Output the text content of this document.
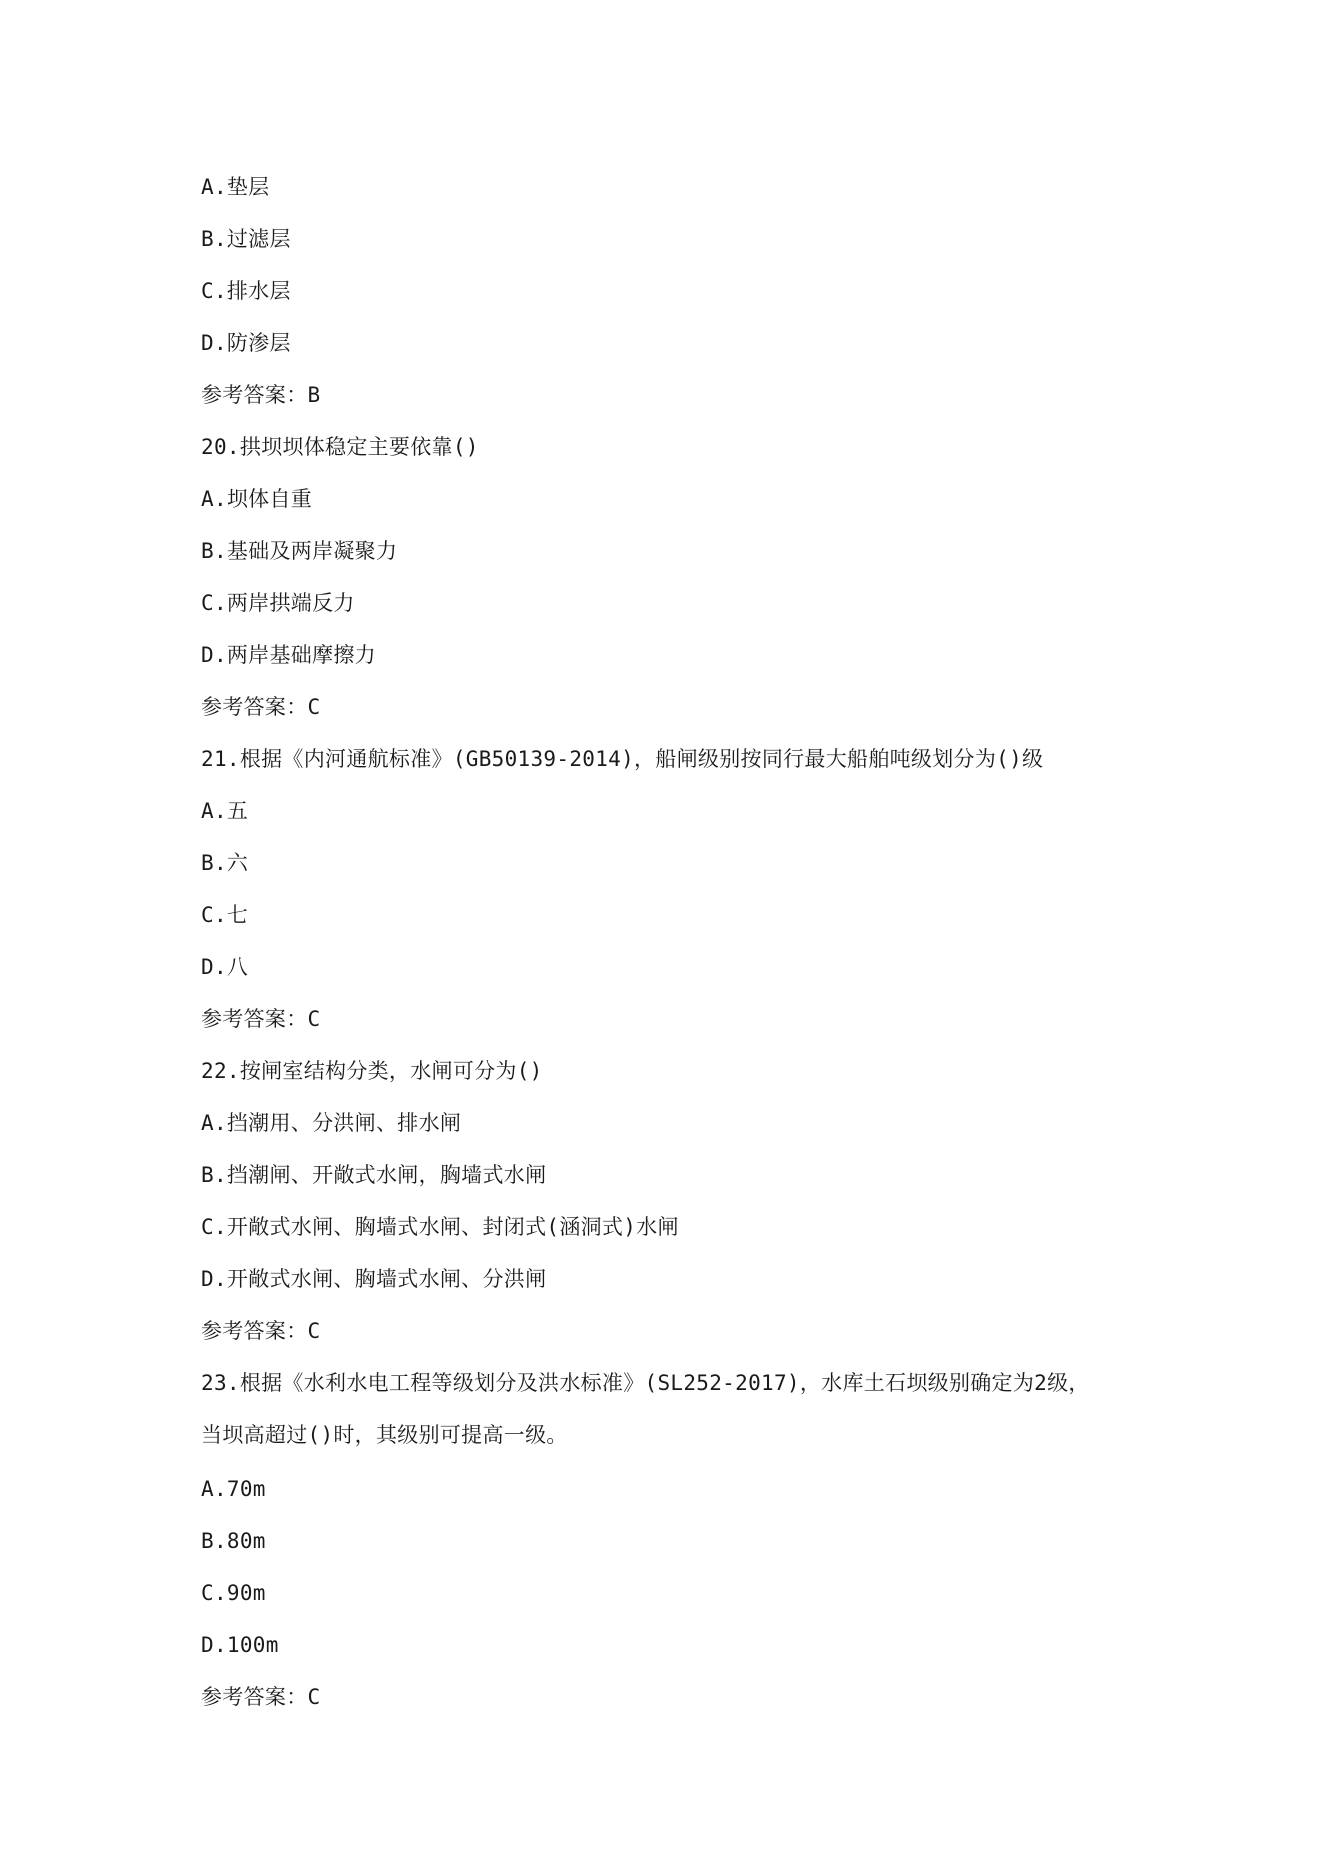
A.垫层
B.过滤层
C.排水层
D.防渗层
参考答案：B
20.拱坝坝体稳定主要依靠()
A.坝体自重
B.基础及两岸凝聚力
C.两岸拱端反力
D.两岸基础摩擦力
参考答案：C
21.根据《内河通航标准》(GB50139-2014)，船闸级别按同行最大船舶吨级划分为()级
A.五
B.六
C.七
D.八
参考答案：C
22.按闸室结构分类，水闸可分为()
A.挡潮用、分洪闸、排水闸
B.挡潮闸、开敞式水闸，胸墙式水闸
C.开敞式水闸、胸墙式水闸、封闭式(涵洞式)水闸
D.开敞式水闸、胸墙式水闸、分洪闸
参考答案：C
23.根据《水利水电工程等级划分及洪水标准》(SL252-2017)，水库土石坝级别确定为2级，
当坝高超过()时，其级别可提高一级。
A.70m
B.80m
C.90m
D.100m
参考答案：C
